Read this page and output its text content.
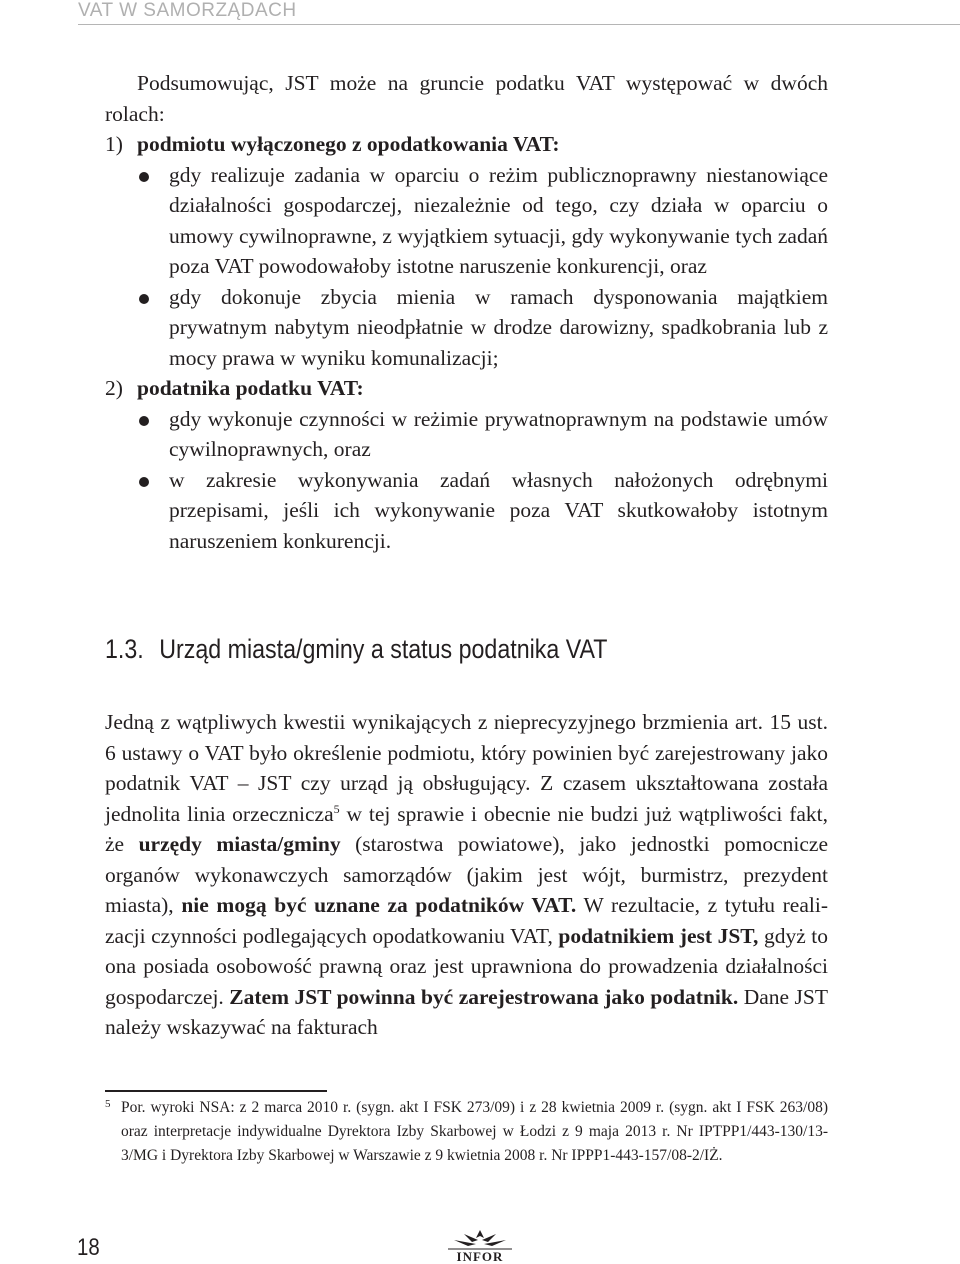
VAT W SAMORZĄDACH

Podsumowując, JST może na gruncie podatku VAT występować w dwóch rolach:

1) podmiotu wyłączonego z opodatkowania VAT:
gdy realizuje zadania w oparciu o reżim publicznoprawny niestanowiące działalności gospodarczej, niezależnie od tego, czy działa w oparciu o umowy cywilnoprawne, z wyjątkiem sytuacji, gdy wykonywanie tych zadań poza VAT powodowałoby istotne naruszenie konkurencji, oraz
gdy dokonuje zbycia mienia w ramach dysponowania majątkiem prywatnym nabytym nieodpłatnie w drodze darowizny, spadkobrania lub z mocy prawa w wyniku komunalizacji;
2) podatnika podatku VAT:
gdy wykonuje czynności w reżimie prywatnoprawnym na podstawie umów cywilnoprawnych, oraz
w zakresie wykonywania zadań własnych nałożonych odrębnymi przepisami, jeśli ich wykonywanie poza VAT skutkowałoby istotnym naruszeniem konkurencji.
1.3. Urząd miasta/gminy a status podatnika VAT

Jedną z wątpliwych kwestii wynikających z nieprecyzyjnego brzmienia art. 15 ust. 6 ustawy o VAT było określenie podmiotu, który powinien być zarejestrowany jako podatnik VAT – JST czy urząd ją obsługujący. Z czasem ukształtowana została jednolita linia orzecznicza$^5$ w tej sprawie i obecnie nie budzi już wątpliwości fakt, że urzędy miasta/gminy (starostwa powiatowe), jako jednostki pomocnicze organów wykonawczych samorządów (jakim jest wójt, burmistrz, prezydent miasta), nie mogą być uznane za podatników VAT. W rezultacie, z tytułu realizacji czynności podlegających opodatkowaniu VAT, podatnikiem jest JST, gdyż to ona posiada osobowość prawną oraz jest uprawniona do prowadzenia działalności gospodarczej. Zatem JST powinna być zarejestrowana jako podatnik. Dane JST należy wskazywać na fakturach

5 Por. wyroki NSA: z 2 marca 2010 r. (sygn. akt I FSK 273/09) i z 28 kwietnia 2009 r. (sygn. akt I FSK 263/08) oraz interpretacje indywidualne Dyrektora Izby Skarbowej w Łodzi z 9 maja 2013 r. Nr IPTPP1/443-130/13-3/MG i Dyrektora Izby Skarbowej w Warszawie z 9 kwietnia 2008 r. Nr IPPP1-443-157/08-2/IŻ.
18	INFOR
